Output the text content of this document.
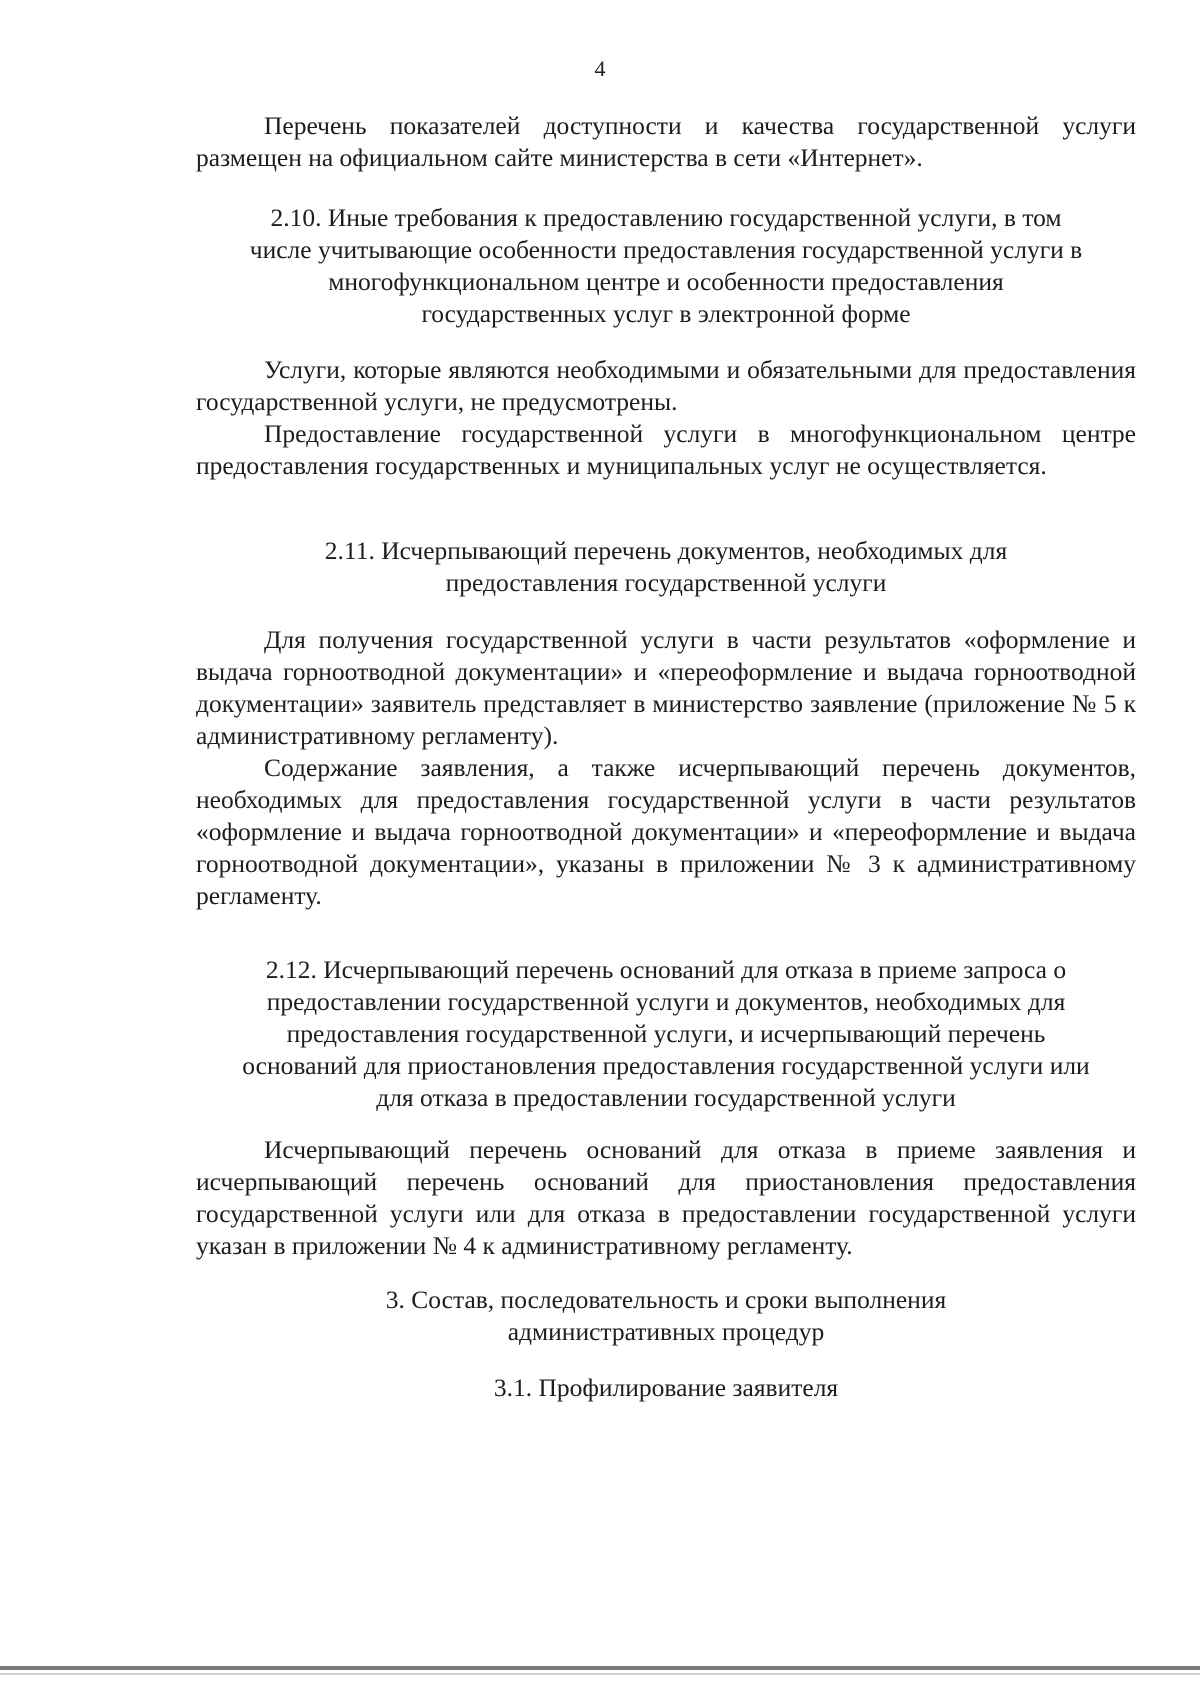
4

Перечень показателей доступности и качества государственной услуги размещен на официальном сайте министерства в сети «Интернет».

2.10. Иные требования к предоставлению государственной услуги, в том
числе учитывающие особенности предоставления государственной услуги в
многофункциональном центре и особенности предоставления
государственных услуг в электронной форме

Услуги, которые являются необходимыми и обязательными для предоставления государственной услуги, не предусмотрены.

Предоставление государственной услуги в многофункциональном центре предоставления государственных и муниципальных услуг не осуществляется.

2.11. Исчерпывающий перечень документов, необходимых для
предоставления государственной услуги

Для получения государственной услуги в части результатов «оформление и выдача горноотводной документации» и «переоформление и выдача горноотводной документации» заявитель представляет в министерство заявление (приложение № 5 к административному регламенту).

Содержание заявления, а также исчерпывающий перечень документов, необходимых для предоставления государственной услуги в части результатов «оформление и выдача горноотводной документации» и «переоформление и выдача горноотводной документации», указаны в приложении № 3 к административному регламенту.

2.12. Исчерпывающий перечень оснований для отказа в приеме запроса о
предоставлении государственной услуги и документов, необходимых для
предоставления государственной услуги, и исчерпывающий перечень
оснований для приостановления предоставления государственной услуги или
для отказа в предоставлении государственной услуги

Исчерпывающий перечень оснований для отказа в приеме заявления и исчерпывающий перечень оснований для приостановления предоставления государственной услуги или для отказа в предоставлении государственной услуги указан в приложении № 4 к административному регламенту.

3. Состав, последовательность и сроки выполнения
административных процедур
3.1. Профилирование заявителя
